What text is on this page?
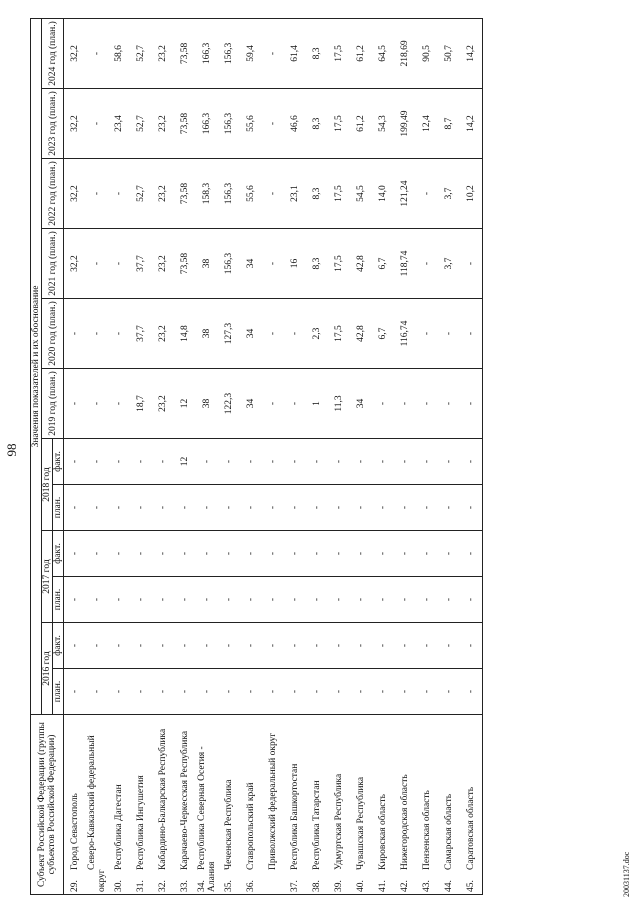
98
Субъект Российской Федерации (группы субъектов Российской Федерации)	Значения показателей и их обоснование											
	2016 год		2017 год		2018 год		2019 год (план.)	2020 год (план.)	2021 год (план.)	2022 год (план.)	2023 год (план.)	2024 год (план.)
	план.	факт.	план.	факт.	план.	факт.						
29.Город Севастополь	-	-	-	-	-	-	-	-	32,2	32,2	32,2	32,2
Северо-Кавказский федеральный округ	-	-	-	-	-	-	-	-	-	-	-	-
30.Республика Дагестан	-	-	-	-	-	-	-	-	-	-	23,4	58,6
31.Республика Ингушетия	-	-	-	-	-	-	18,7	37,7	37,7	52,7	52,7	52,7
32.Кабардино-Балкарская Республика	-	-	-	-	-	-	23,2	23,2	23,2	23,2	23,2	23,2
33.Карачаево-Черкесская Республика	-	-	-	-	-	12	12	14,8	73,58	73,58	73,58	73,58
34.Республика Северная Осетия - Алания	-	-	-	-	-	-	38	38	38	158,3	166,3	166,3
35.Чеченская Республика	-	-	-	-	-	-	122,3	127,3	156,3	156,3	156,3	156,3
36.Ставропольский край	-	-	-	-	-	-	34	34	34	55,6	55,6	59,4
Приволжский федеральный округ	-	-	-	-	-	-	-	-	-	-	-	-
37.Республика Башкортостан	-	-	-	-	-	-	-	-	16	23,1	46,6	61,4
38.Республика Татарстан	-	-	-	-	-	-	1	2,3	8,3	8,3	8,3	8,3
39.Удмуртская Республика	-	-	-	-	-	-	11,3	17,5	17,5	17,5	17,5	17,5
40.Чувашская Республика	-	-	-	-	-	-	34	42,8	42,8	54,5	61,2	61,2
41.Кировская область	-	-	-	-	-	-	-	6,7	6,7	14,0	54,3	64,5
42.Нижегородская область	-	-	-	-	-	-	-	116,74	118,74	121,24	199,49	218,69
43.Пензенская область	-	-	-	-	-	-	-	-	-	-	12,4	90,5
44.Самарская область	-	-	-	-	-	-	-	-	3,7	3,7	8,7	50,7
45.Саратовская область	-	-	-	-	-	-	-	-	-	10,2	14,2	14,2
20031137.doc
